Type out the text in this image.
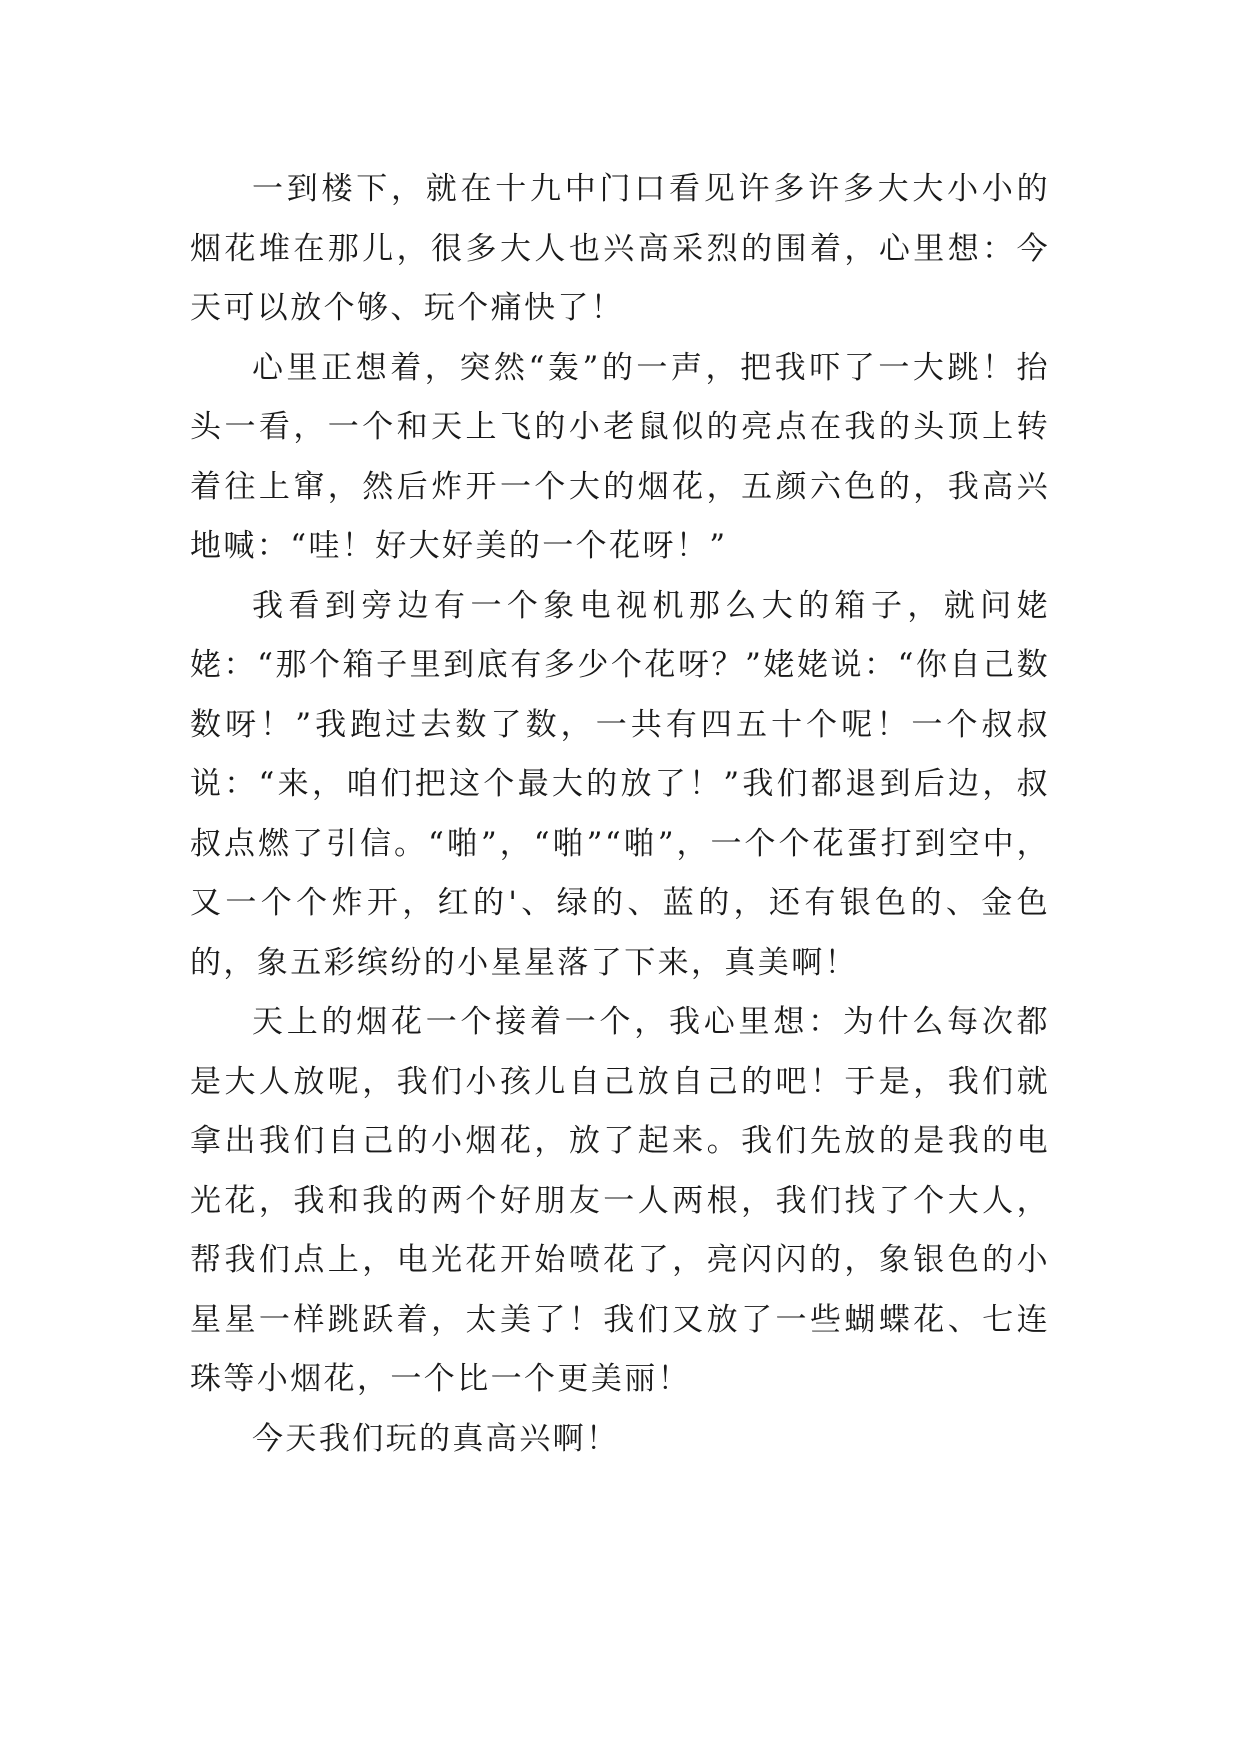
一到楼下，就在十九中门口看见许多许多大大小小的烟花堆在那儿，很多大人也兴高采烈的围着，心里想：今天可以放个够、玩个痛快了！

心里正想着，突然“轰”的一声，把我吓了一大跳！抬头一看，一个和天上飞的小老鼠似的亮点在我的头顶上转着往上窜，然后炸开一个大的烟花，五颜六色的，我高兴地喊：“哇！好大好美的一个花呀！”

我看到旁边有一个象电视机那么大的箱子，就问姥姥：“那个箱子里到底有多少个花呀？”姥姥说：“你自己数数呀！”我跑过去数了数，一共有四五十个呢！一个叔叔说：“来，咱们把这个最大的放了！”我们都退到后边，叔叔点燃了引信。“啪”，“啪”“啪”，一个个花蛋打到空中，又一个个炸开，红的'、绿的、蓝的，还有银色的、金色的，象五彩缤纷的小星星落了下来，真美啊！

天上的烟花一个接着一个，我心里想：为什么每次都是大人放呢，我们小孩儿自己放自己的吧！于是，我们就拿出我们自己的小烟花，放了起来。我们先放的是我的电光花，我和我的两个好朋友一人两根，我们找了个大人，帮我们点上，电光花开始喷花了，亮闪闪的，象银色的小星星一样跳跃着，太美了！我们又放了一些蝴蝶花、七连珠等小烟花，一个比一个更美丽！

今天我们玩的真高兴啊！
